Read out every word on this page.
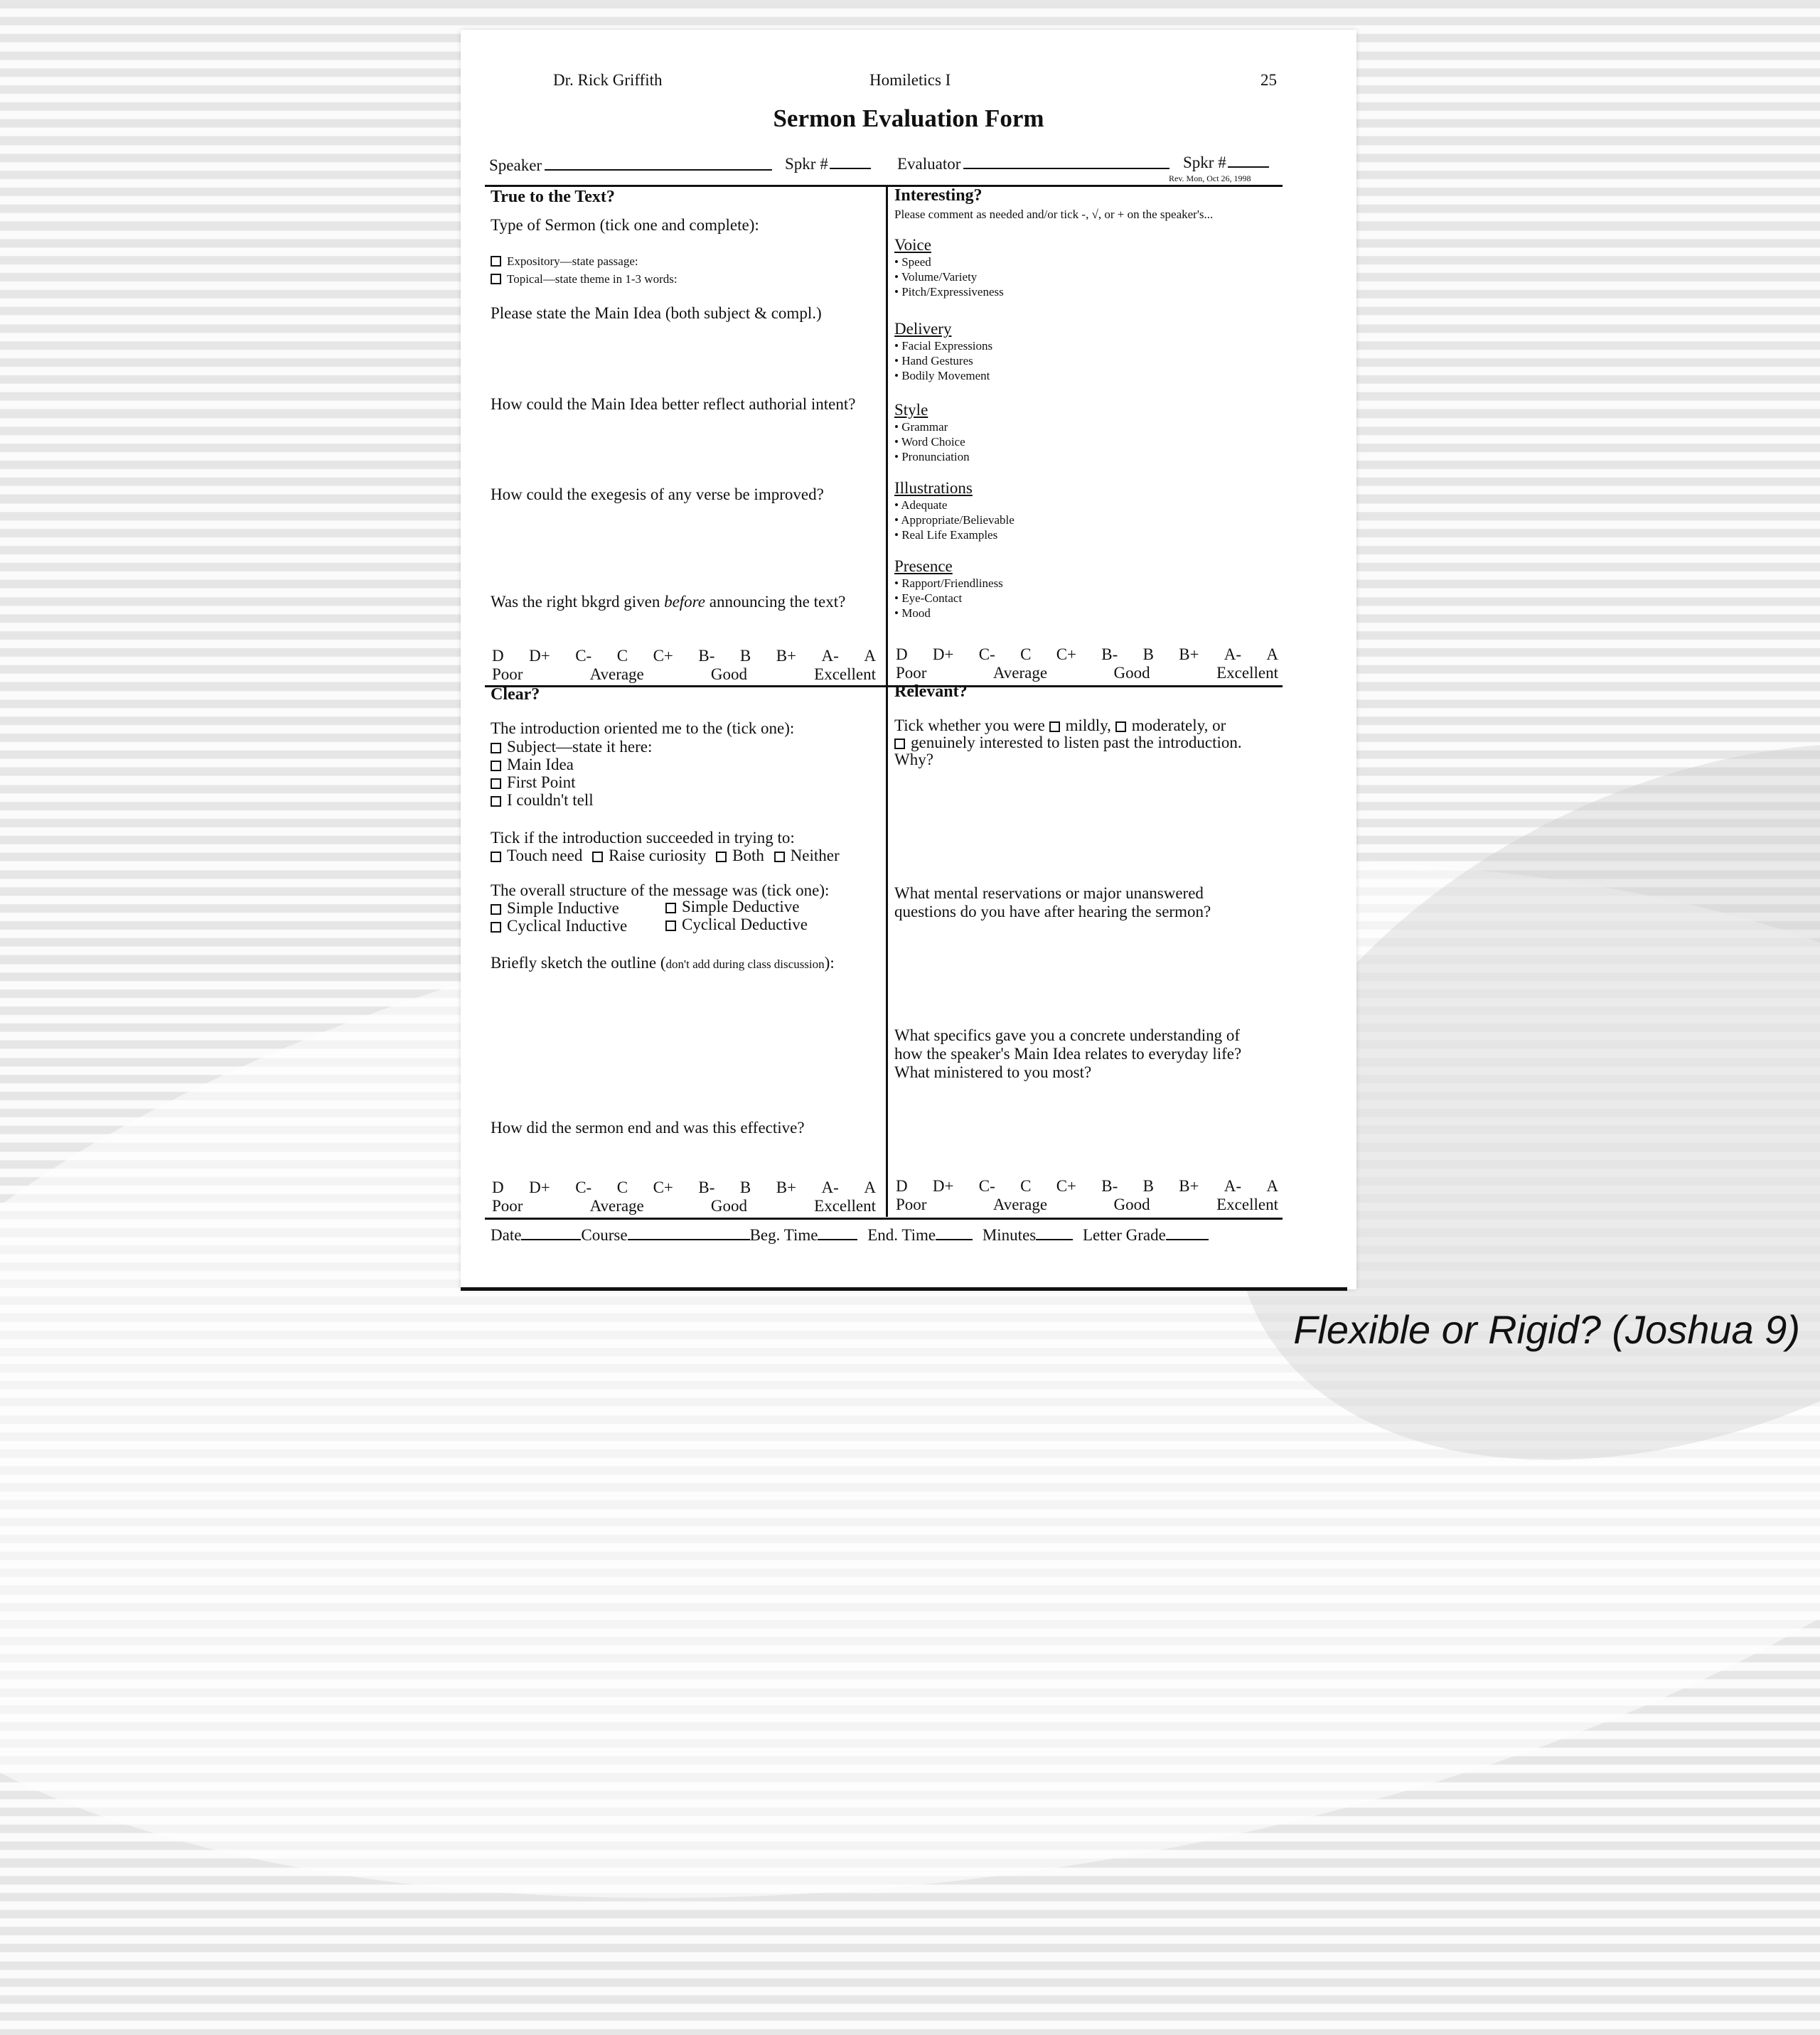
Dr. Rick Griffith	Homiletics I	25
Sermon Evaluation Form
Speaker	Spkr #	Evaluator	Spkr #
Rev. Mon, Oct 26, 1998
True to the Text?
Type of Sermon (tick one and complete):
Expository—state passage:
Topical—state theme in 1-3 words:
Please state the Main Idea (both subject & compl.)
How could the Main Idea better reflect authorial intent?
How could the exegesis of any verse be improved?
Was the right bkgrd given before announcing the text?
Interesting?
Please comment as needed and/or tick -, √, or + on the speaker's...
Voice
• Speed
• Volume/Variety
• Pitch/Expressiveness
Delivery
• Facial Expressions
• Hand Gestures
• Bodily Movement
Style
• Grammar
• Word Choice
• Pronunciation
Illustrations
• Adequate
• Appropriate/Believable
• Real Life Examples
Presence
• Rapport/Friendliness
• Eye-Contact
• Mood
D D+ C- C C+ B- B B+ A- A
Poor	Average	Good	Excellent
D D+ C- C C+ B- B B+ A- A
Poor	Average	Good	Excellent
Clear?
The introduction oriented me to the (tick one):
Subject—state it here:
Main Idea
First Point
I couldn't tell
Tick if the introduction succeeded in trying to:
Touch need Raise curiosity Both Neither
The overall structure of the message was (tick one):
Simple Inductive	Simple Deductive
Cyclical Inductive	Cyclical Deductive
Briefly sketch the outline (don't add during class discussion):
How did the sermon end and was this effective?
Relevant?
Tick whether you were mildly, moderately, or
genuinely interested to listen past the introduction.
Why?
What mental reservations or major unanswered
questions do you have after hearing the sermon?
What specifics gave you a concrete understanding of
how the speaker's Main Idea relates to everyday life?
What ministered to you most?
D D+ C- C C+ B- B B+ A- A
Poor	Average	Good	Excellent
D D+ C- C C+ B- B B+ A- A
Poor	Average	Good	Excellent
Date	Course	Beg. Time	End. Time	Minutes	Letter Grade
Flexible or Rigid? (Joshua 9)
